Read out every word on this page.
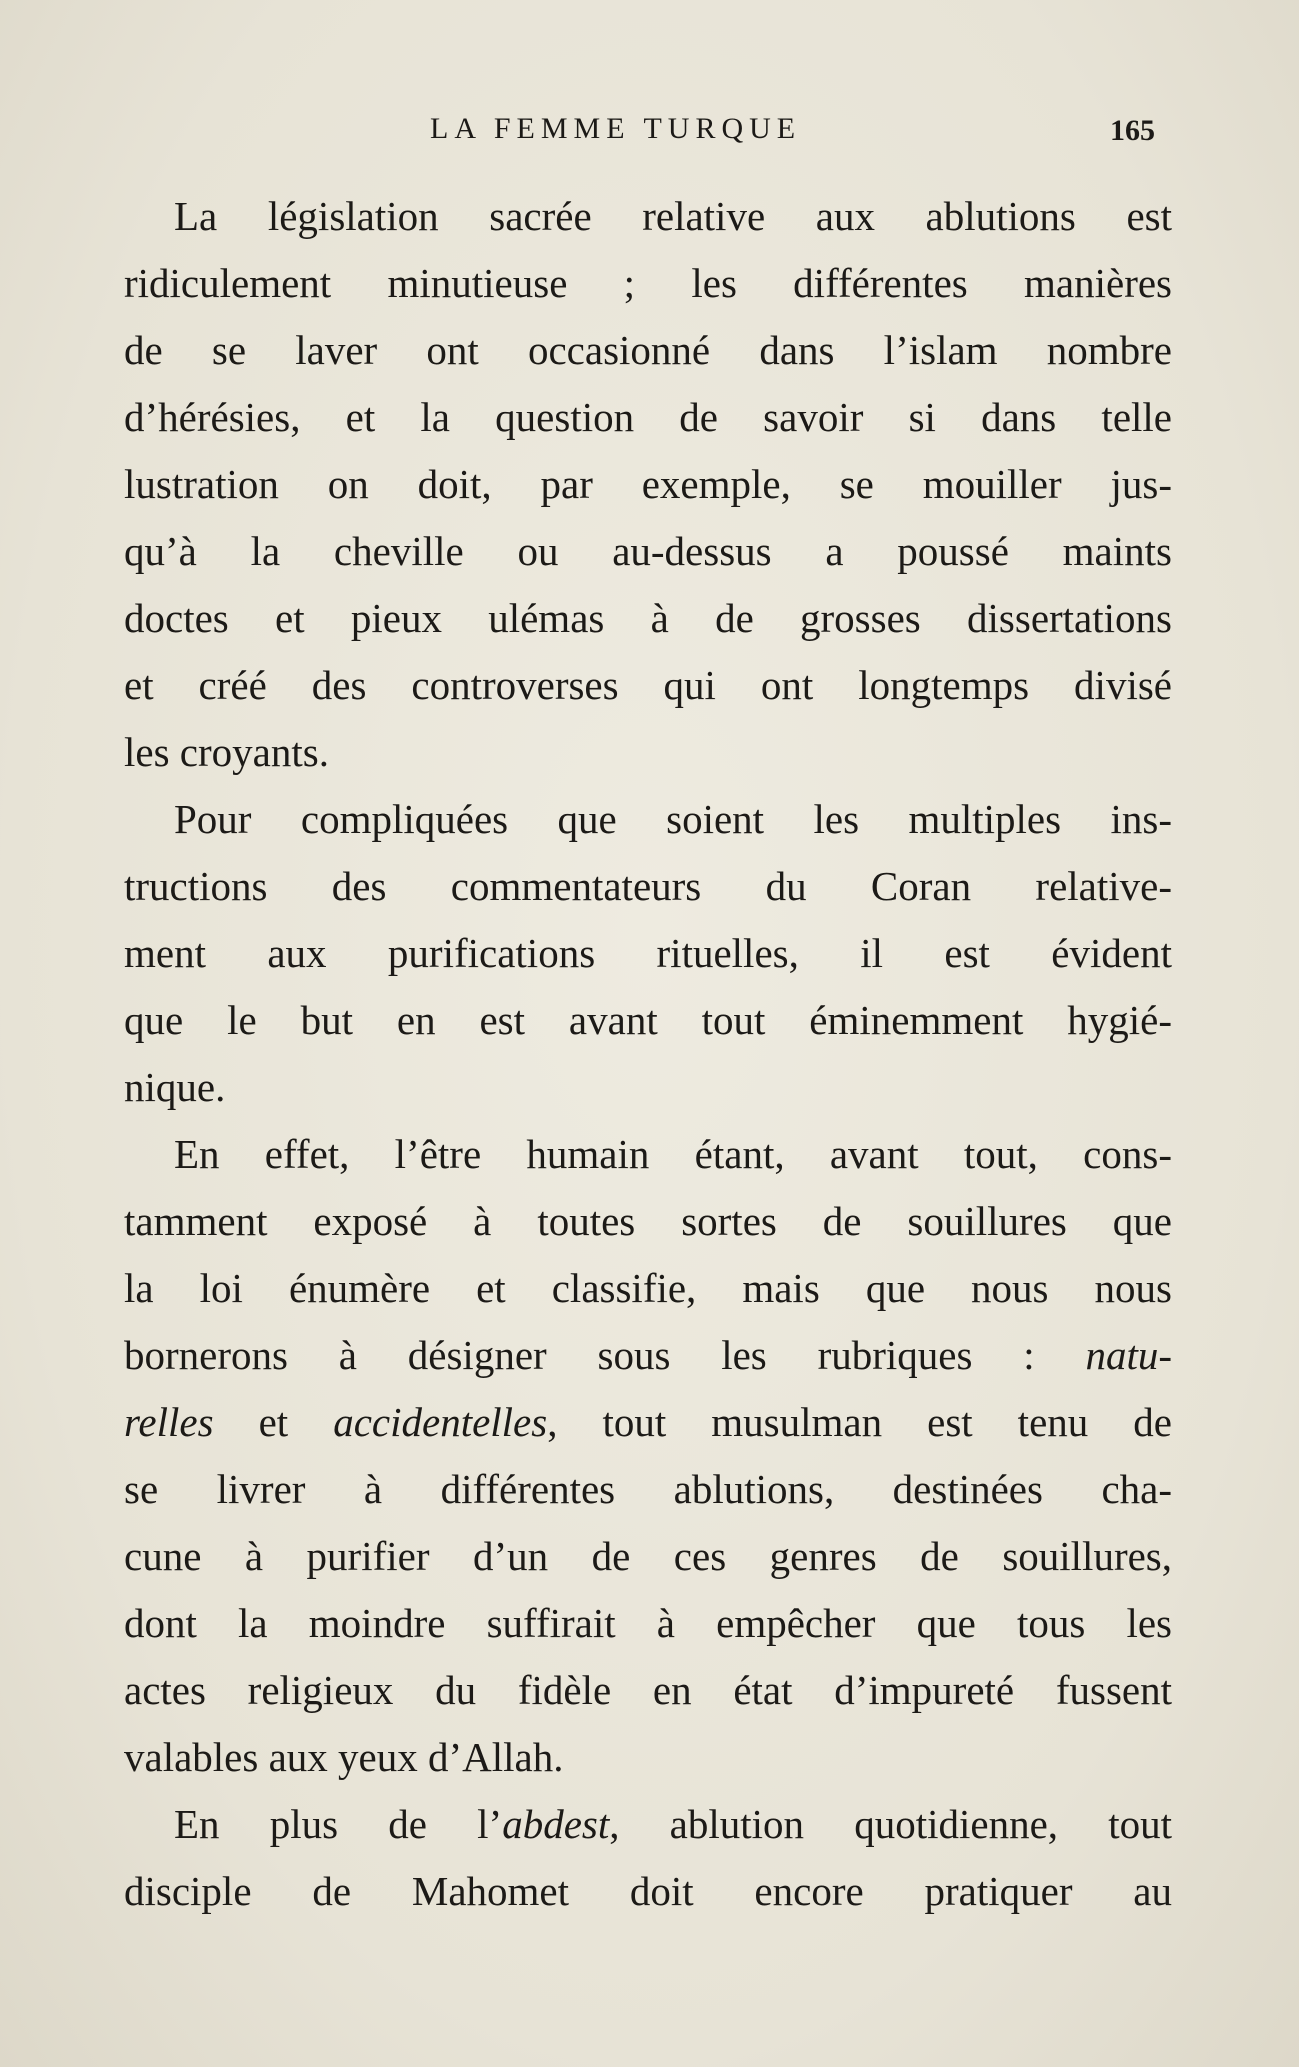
LA FEMME TURQUE	165
La législation sacrée relative aux ablutions est
ridiculement minutieuse ; les différentes manières
de se laver ont occasionné dans l’islam nombre
d’hérésies, et la question de savoir si dans telle
lustration on doit, par exemple, se mouiller jus-
qu’à la cheville ou au-dessus a poussé maints
doctes et pieux ulémas à de grosses dissertations
et créé des controverses qui ont longtemps divisé
les croyants.
Pour compliquées que soient les multiples ins-
tructions des commentateurs du Coran relative-
ment aux purifications rituelles, il est évident
que le but en est avant tout éminemment hygié-
nique.
En effet, l’être humain étant, avant tout, cons-
tamment exposé à toutes sortes de souillures que
la loi énumère et classifie, mais que nous nous
bornerons à désigner sous les rubriques : natu-
relles et accidentelles, tout musulman est tenu de
se livrer à différentes ablutions, destinées cha-
cune à purifier d’un de ces genres de souillures,
dont la moindre suffirait à empêcher que tous les
actes religieux du fidèle en état d’impureté fussent
valables aux yeux d’Allah.
En plus de l’abdest, ablution quotidienne, tout
disciple de Mahomet doit encore pratiquer au
